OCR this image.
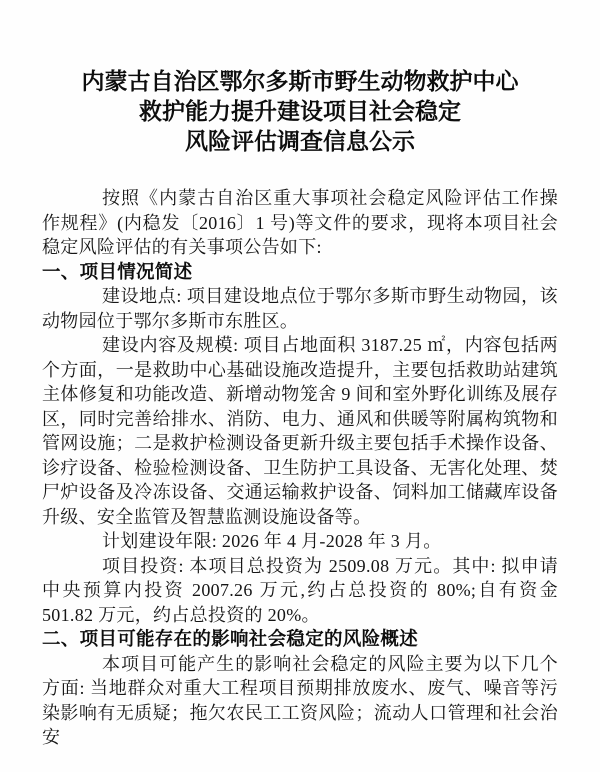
内蒙古自治区鄂尔多斯市野生动物救护中心
救护能力提升建设项目社会稳定
风险评估调查信息公示

按照《内蒙古自治区重大事项社会稳定风险评估工作操作规程》(内稳发〔2016〕1 号)等文件的要求，现将本项目社会稳定风险评估的有关事项公告如下:

一、项目情况简述

建设地点: 项目建设地点位于鄂尔多斯市野生动物园，该动物园位于鄂尔多斯市东胜区。

建设内容及规模: 项目占地面积 3187.25 ㎡，内容包括两个方面，一是救助中心基础设施改造提升，主要包括救助站建筑主体修复和功能改造、新增动物笼舍 9 间和室外野化训练及展存区，同时完善给排水、消防、电力、通风和供暖等附属构筑物和管网设施；二是救护检测设备更新升级主要包括手术操作设备、诊疗设备、检验检测设备、卫生防护工具设备、无害化处理、焚尸炉设备及冷冻设备、交通运输救护设备、饲料加工储藏库设备升级、安全监管及智慧监测设施设备等。

计划建设年限: 2026 年 4 月-2028 年 3 月。

项目投资: 本项目总投资为 2509.08 万元。其中: 拟申请中央预算内投资 2007.26 万元,约占总投资的 80%;自有资金 501.82 万元，约占总投资的 20%。

二、项目可能存在的影响社会稳定的风险概述

本项目可能产生的影响社会稳定的风险主要为以下几个方面: 当地群众对重大工程项目预期排放废水、废气、噪音等污染影响有无质疑；拖欠农民工工资风险；流动人口管理和社会治安
